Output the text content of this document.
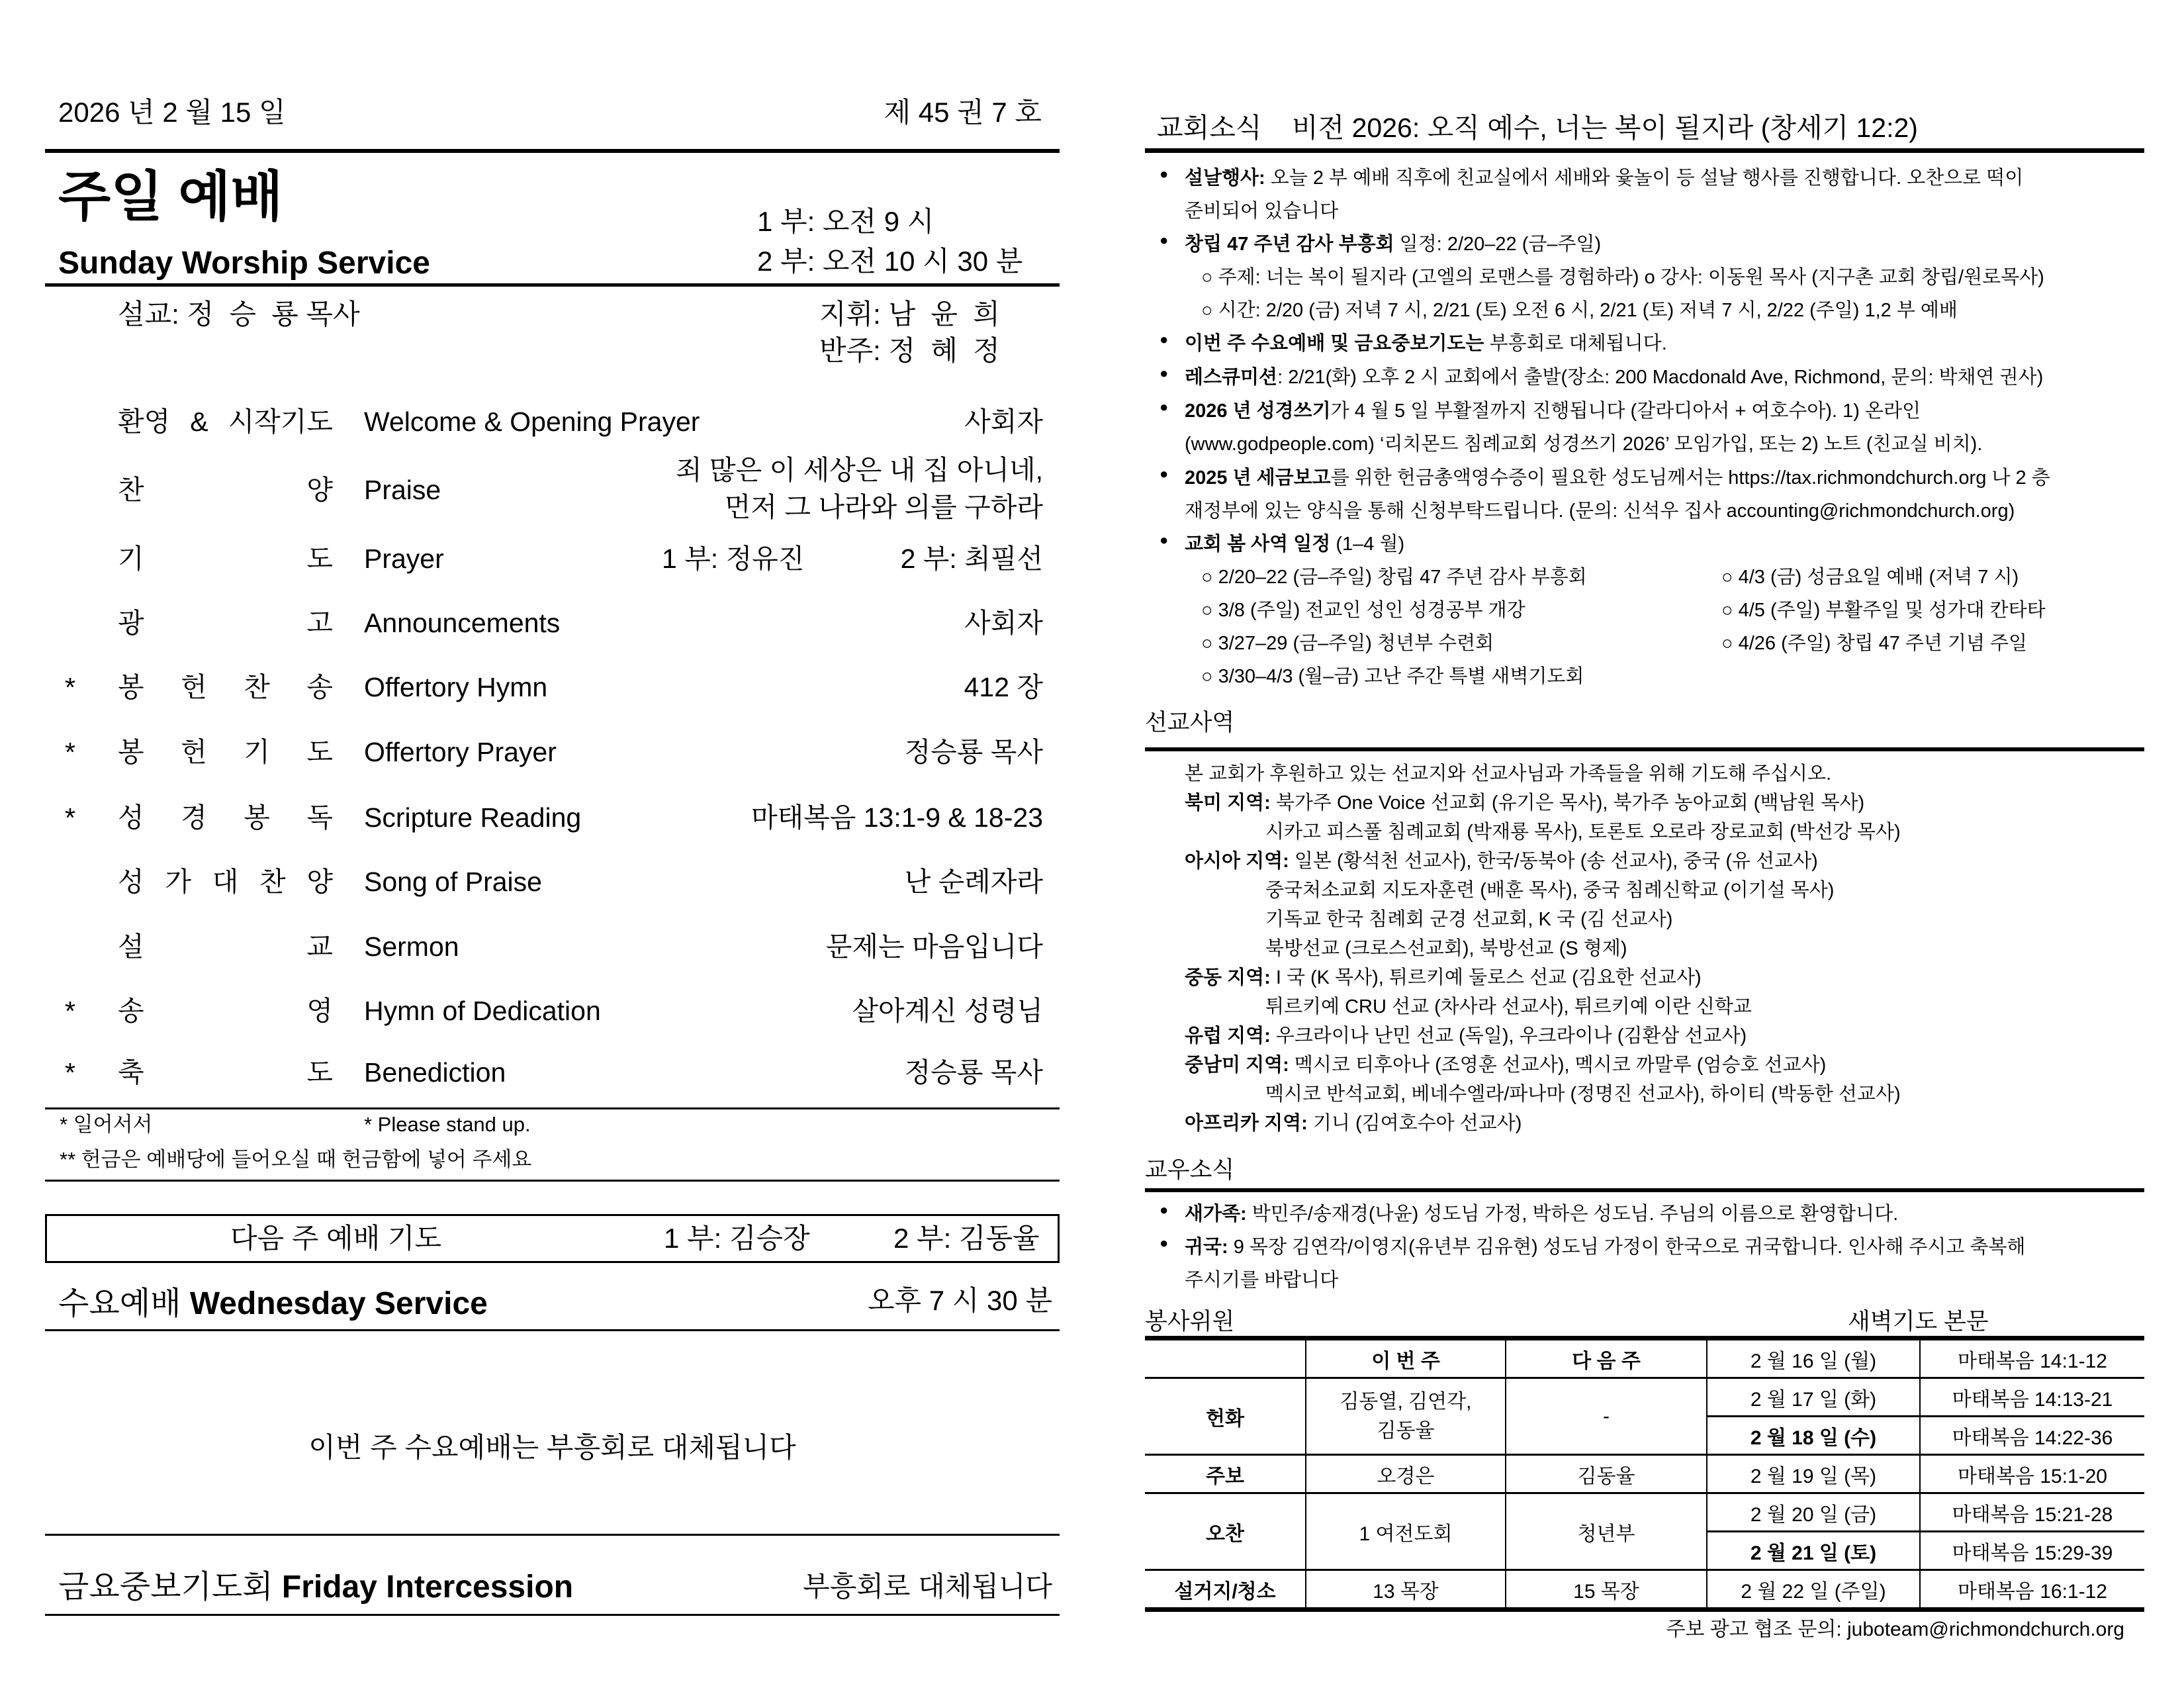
2026 년 2 월 15 일	제 45 권 7 호
주일 예배
Sunday Worship Service
1 부: 오전 9 시
2 부: 오전 10 시 30 분
설교: 정  승  룡 목사	지휘: 남  윤  희
반주: 정  혜  정
환영 & 시작기도 Welcome & Opening Prayer	사회자
찬 양 Praise
죄 많은 이 세상은 내 집 아니네,
먼저 그 나라와 의를 구하라
기 도 Prayer	1 부: 정유진	2 부: 최필선
광 고 Announcements	사회자
* 봉 헌 찬 송 Offertory Hymn	412 장
* 봉 헌 기 도 Offertory Prayer	정승룡 목사
* 성 경 봉 독 Scripture Reading	마태복음 13:1-9 & 18-23
성 가 대 찬 양 Song of Praise	난 순례자라
설 교 Sermon	문제는 마음입니다
* 송 영 Hymn of Dedication	살아계신 성령님
* 축 도 Benediction	정승룡 목사
* 일어서서	* Please stand up.
** 헌금은 예배당에 들어오실 때 헌금함에 넣어 주세요
다음 주 예배 기도	1 부: 김승장	2 부: 김동율
수요예배 Wednesday Service	오후 7 시 30 분
이번 주 수요예배는 부흥회로 대체됩니다
금요중보기도회 Friday Intercession	부흥회로 대체됩니다
교회소식 비전 2026: 오직 예수, 너는 복이 될지라 (창세기 12:2)
● 설날행사: 오늘 2 부 예배 직후에 친교실에서 세배와 윷놀이 등 설날 행사를 진행합니다. 오찬으로 떡이
준비되어 있습니다
● 창립 47 주년 감사 부흥회 일정: 2/20–22 (금–주일)
○ 주제: 너는 복이 될지라 (고엘의 로맨스를 경험하라) o 강사: 이동원 목사 (지구촌 교회 창립/원로목사)
○ 시간: 2/20 (금) 저녁 7 시, 2/21 (토) 오전 6 시, 2/21 (토) 저녁 7 시, 2/22 (주일) 1,2 부 예배
● 이번 주 수요예배 및 금요중보기도는 부흥회로 대체됩니다.
● 레스큐미션: 2/21(화) 오후 2 시 교회에서 출발(장소: 200 Macdonald Ave, Richmond, 문의: 박채연 권사)
● 2026 년 성경쓰기가 4 월 5 일 부활절까지 진행됩니다 (갈라디아서 + 여호수아). 1) 온라인
(www.godpeople.com) ‘리치몬드 침례교회 성경쓰기 2026’ 모임가입, 또는 2) 노트 (친교실 비치).
● 2025 년 세금보고를 위한 헌금총액영수증이 필요한 성도님께서는 https://tax.richmondchurch.org 나 2 층
재정부에 있는 양식을 통해 신청부탁드립니다. (문의: 신석우 집사 accounting@richmondchurch.org)
● 교회 봄 사역 일정 (1–4 월)
○ 2/20–22 (금–주일) 창립 47 주년 감사 부흥회
○ 3/8 (주일) 전교인 성인 성경공부 개강
○ 3/27–29 (금–주일) 청년부 수련회
○ 3/30–4/3 (월–금) 고난 주간 특별 새벽기도회
○ 4/3 (금) 성금요일 예배 (저녁 7 시)
○ 4/5 (주일) 부활주일 및 성가대 칸타타
○ 4/26 (주일) 창립 47 주년 기념 주일
선교사역
본 교회가 후원하고 있는 선교지와 선교사님과 가족들을 위해 기도해 주십시오.
북미 지역: 북가주 One Voice 선교회 (유기은 목사), 북가주 농아교회 (백남원 목사)
시카고 피스풀 침례교회 (박재룡 목사), 토론토 오로라 장로교회 (박선강 목사)
아시아 지역: 일본 (황석천 선교사), 한국/동북아 (송 선교사), 중국 (유 선교사)
중국처소교회 지도자훈련 (배훈 목사), 중국 침례신학교 (이기설 목사)
기독교 한국 침례회 군경 선교회, K 국 (김 선교사)
북방선교 (크로스선교회), 북방선교 (S 형제)
중동 지역: I 국 (K 목사), 튀르키예 둘로스 선교 (김요한 선교사)
튀르키예 CRU 선교 (차사라 선교사), 튀르키예 이란 신학교
유럽 지역: 우크라이나 난민 선교 (독일), 우크라이나 (김환삼 선교사)
중남미 지역: 멕시코 티후아나 (조영훈 선교사), 멕시코 까말루 (엄승호 선교사)
멕시코 반석교회, 베네수엘라/파나마 (정명진 선교사), 하이티 (박동한 선교사)
아프리카 지역: 기니 (김여호수아 선교사)
교우소식
● 새가족: 박민주/송재경(나윤) 성도님 가정, 박하은 성도님. 주님의 이름으로 환영합니다.
● 귀국: 9 목장 김연각/이영지(유년부 김유현) 성도님 가정이 한국으로 귀국합니다. 인사해 주시고 축복해
주시기를 바랍니다
봉사위원	새벽기도 본문
	이 번 주	다 음 주	2 월 16 일 (월)	마태복음 14:1-12
헌화	김동열, 김연각,
김동율	-	2 월 17 일 (화)	마태복음 14:13-21
			2 월 18 일 (수)	마태복음 14:22-36
주보	오경은	김동율	2 월 19 일 (목)	마태복음 15:1-20
오찬	1 여전도회	청년부	2 월 20 일 (금)	마태복음 15:21-28
			2 월 21 일 (토)	마태복음 15:29-39
설거지/청소	13 목장	15 목장	2 월 22 일 (주일)	마태복음 16:1-12
주보 광고 협조 문의: juboteam@richmondchurch.org
